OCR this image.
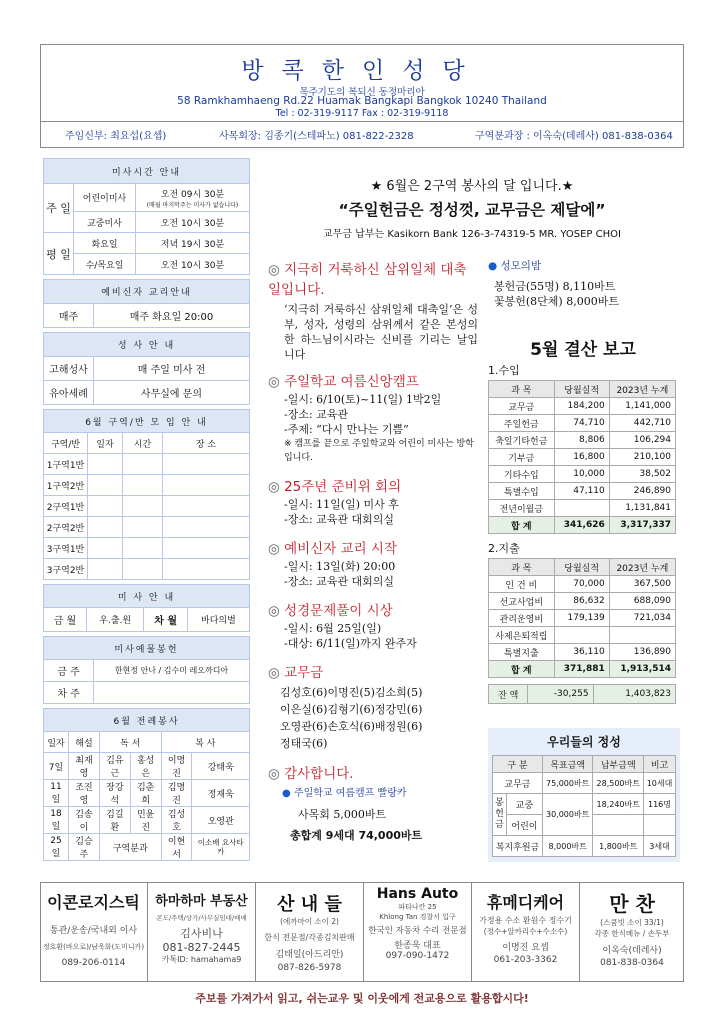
방콕한인성당
목주기도의 복되신 동정마리아
58 Ramkhamhaeng Rd.22 Huamak Bangkapi Bangkok 10240 Thailand
Tel : 02-319-9117 Fax : 02-319-9118
주임신부: 최요섭(요셉)	사목회장: 김종기(스테파노) 081-822-2328	구역분과장 : 이옥숙(데레사) 081-838-0364
미사시간 안내		
주 일	어린이미사	오전 09시 30분
(매월 마지막주는 미사가 없습니다)

	교중미사	오전 10시 30분
평 일	화요일	저녁 19시 30분
	수/목요일	오전 10시 30분
예비신자 교리안내
매주	매주 화요일 20:00
성 사 안 내	
고해성사	매 주일 미사 전
유아세례	사무실에 문의
6월 구역/반 모 임 안 내			
구역/반	일자	시간	장 소
1구역1반			
1구역2반			
2구역1반			
2구역2반			
3구역1반			
3구역2반			
미 사 안 내
금 월	우.출.원	차 월	바다의별
미사예물봉헌	
금 주	한현정 안나 / 김수미 레오까디아
차 주	
6월 전례봉사					
일자	해설	독 서		복 사	
7일	최재영	김유근	홍성은	이명진	강태욱
11일	조진영	장강석	김춘희	김명진	정재욱
18일	김송이	김길환	민윤진	김성호	오영관
25일	김승주	구역분과		이현서	이소배 요사타카
★ 6월은 2구역 봉사의 달 입니다.★
“주일헌금은 정성껏, 교무금은 제달에”
교무금 납부는 Kasikorn Bank 126-3-74319-5 MR. YOSEP CHOI
◎ 지극히 거룩하신 삼위일체 대축일입니다.
‘지극히 거룩하신 삼위일체 대축일’은 성부, 성자, 성령의 삼위께서 같은 본성의 한 하느님이시라는 신비를 기리는 날입니다
◎ 주일학교 여름신앙캠프
-일시: 6/10(토)~11(일) 1박2일
-장소: 교육관
-주제: “다시 만나는 기쁨”
※ 캠프를 끝으로 주일학교와 어린이 미사는 방학입니다.
◎ 25주년 준비위 회의
-일시: 11일(일) 미사 후
-장소: 교육관 대회의실
◎ 예비신자 교리 시작
-일시: 13일(화) 20:00
-장소: 교육관 대회의실
◎ 성경문제풀이 시상
-일시: 6월 25일(일)
-대상: 6/11(일)까지 완주자
◎ 교무금
김성호(6)이명진(5)김소희(5)
이은실(6)김형기(6)정강민(6)
오영관(6)손호식(6)배정원(6)
정태국(6)
◎ 감사합니다.
● 주일학교 여름캠프 빨랑카
사목회 5,000바트
총합계 9세대 74,000바트
● 성모의밤
봉헌금(55명) 8,110바트
꽃봉헌(8단체) 8,000바트
5월 결산 보고
1.수입
과 목	당월실적	2023년 누계
교무금	184,200	1,141,000
주일헌금	74,710	442,710
축일기타헌금	8,806	106,294
기부금	16,800	210,100
기타수입	10,000	38,502
특별수입	47,110	246,890
전년이월금		1,131,841
합 계	341,626	3,317,337
2.지출
과 목	당월실적	2023년 누계
인 건 비	70,000	367,500
선교사업비	86,632	688,090
관리운영비	179,139	721,034
사제은퇴적립		
특별지출	36,110	136,890
합 계	371,881	1,913,514
잔 액	-30,255	1,403,823
우리들의 정성
구 분		목표금액	납부금액	비고
교무금		75,000바트	28,500바트	10세대
봉헌금	교중	30,000바트	18,240바트	116명
	어린이			
복지후원금		8,000바트	1,800바트	3세대
이콘로지스틱
통관/운송/국내외 이사
정호환(바오로)/남욱화(도미니카)
089-206-0114
하마하마 부동산
콘도/주택/상가/사무실임대/매매
김사비나
081-827-2445
카톡ID: hamahama9
산 내 들
(에까마이 소이 2)
한식 전문점/각종김치판매
김태일(아드리안)
087-826-5978
Hans Auto
파타나칸 25
Khlong Tan 경찰서 입구
한국인 자동차 수리 전문점
한종욱 대표
097-090-1472
휴메디케어
가정용 수소 환원수 정수기
(정수+알카리수+수소수)
이명진 요셉
061-203-3362
만 찬
(스쿰빗 소이 33/1)
각종 한식메뉴 / 손두부
이옥숙(데레사)
081-838-0364
주보를 가져가서 읽고, 쉬는교우 및 이웃에게 전교용으로 활용합시다!
